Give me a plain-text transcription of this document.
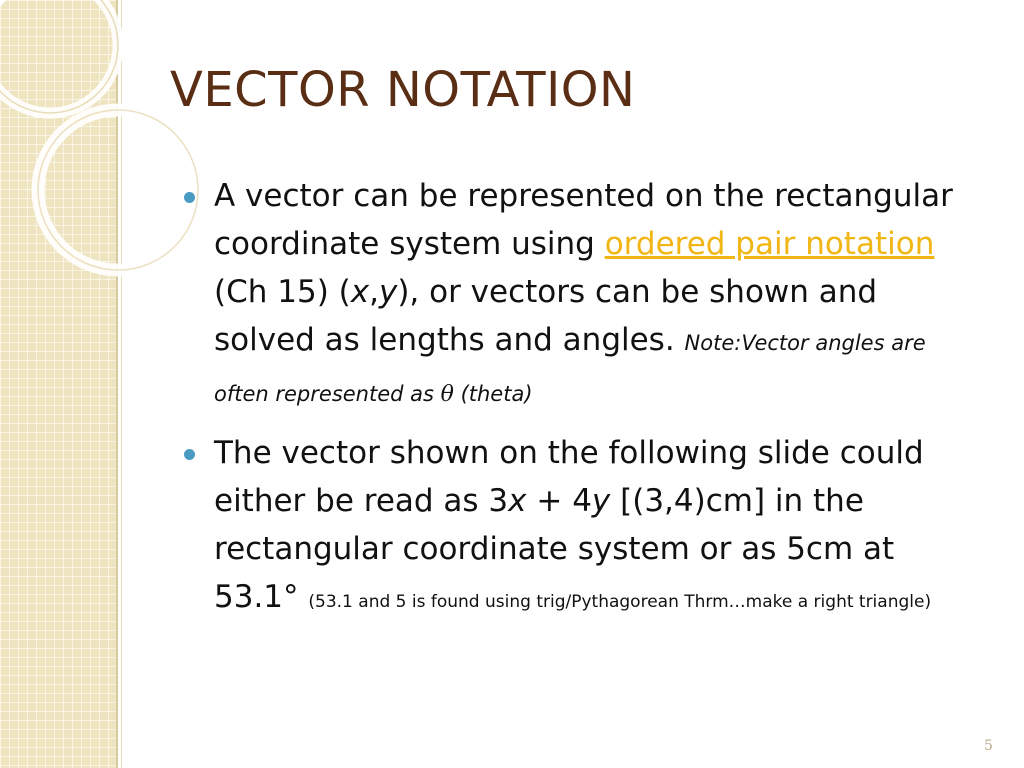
VECTOR NOTATION
A vector can be represented on the rectangular coordinate system using ordered pair notation (Ch 15) (x,y), or vectors can be shown and solved as lengths and angles. Note:Vector angles are often represented as θ (theta)
The vector shown on the following slide could either be read as 3x + 4y [(3,4)cm] in the rectangular coordinate system or as 5cm at 53.1° (53.1 and 5 is found using trig/Pythagorean Thrm…make a right triangle)
5
